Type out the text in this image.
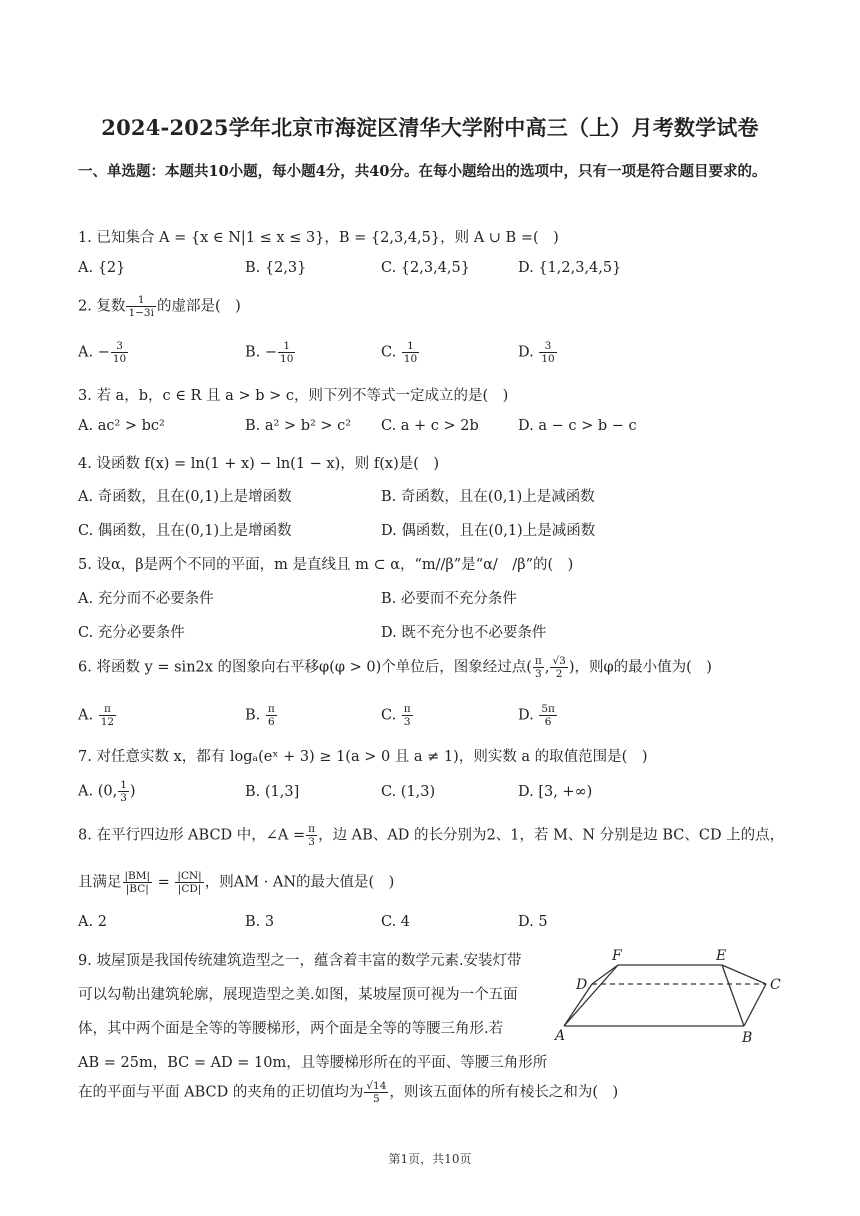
2024-2025学年北京市海淀区清华大学附中高三（上）月考数学试卷
一、单选题：本题共10小题，每小题4分，共40分。在每小题给出的选项中，只有一项是符合题目要求的。
1. 已知集合 A = {x ∈ N|1 ≤ x ≤ 3}，B = {2,3,4,5}，则 A ∪ B =(　)
A. {2}	B. {2,3}	C. {2,3,4,5}	D. {1,2,3,4,5}
2. 复数 $\frac{1}{1-3i}$ 的虚部是(　)
A. − $\frac{3}{10}$	B. − $\frac{1}{10}$	C. $\frac{1}{10}$	D. $\frac{3}{10}$
3. 若 a，b，c ∈ R 且 a > b > c，则下列不等式一定成立的是(　)
A. ac² > bc²	B. a² > b² > c² C. a + c > 2b	D. a − c > b − c
4. 设函数 f(x) = ln(1 + x) − ln(1 − x)，则 f(x)是(　)
A. 奇函数，且在(0,1)上是增函数	B. 奇函数，且在(0,1)上是减函数
C. 偶函数，且在(0,1)上是增函数	D. 偶函数，且在(0,1)上是减函数
5. 设α，β是两个不同的平面，m 是直线且 m ⊂ α，“m//β”是“α/　/β”的(　)
A. 充分而不必要条件	B. 必要而不充分条件
C. 充分必要条件	D. 既不充分也不必要条件
6. 将函数 y = sin2x 的图象向右平移φ(φ > 0)个单位后，图象经过点( $\frac{\pi}{3}$ , $\frac{√3}{2}$ )，则φ的最小值为(　)
A. $\frac{\pi}{12}$	B. $\frac{\pi}{6}$	C. $\frac{\pi}{3}$	D. $\frac{5\pi}{6}$
7. 对任意实数 x，都有 logₐ(eˣ + 3) ≥ 1(a > 0 且 a ≠ 1)，则实数 a 的取值范围是(　)
A. (0, $\frac{1}{3}$ )	B. (1,3]	C. (1,3)	D. [3, +∞)
8. 在平行四边形 ABCD 中，∠A = $\frac{\pi}{3}$ ，边 AB、AD 的长分别为2、1，若 M、N 分别是边 BC、CD 上的点，
且满足 $\frac{|BM|}{|BC|} = \frac{|CN|}{|CD|}$ ，则AM · AN的最大值是(　)
A. 2	B. 3	C. 4	D. 5
9. 坡屋顶是我国传统建筑造型之一，蕴含着丰富的数学元素.安装灯带
可以勾勒出建筑轮廓，展现造型之美.如图，某坡屋顶可视为一个五面
体，其中两个面是全等的等腰梯形，两个面是全等的等腰三角形.若
AB = 25m，BC = AD = 10m，且等腰梯形所在的平面、等腰三角形所
在的平面与平面 ABCD 的夹角的正切值均为 $\frac{√14}{5}$ ，则该五面体的所有棱长之和为(　)
F	E
D	C
A	B
第1页，共10页
